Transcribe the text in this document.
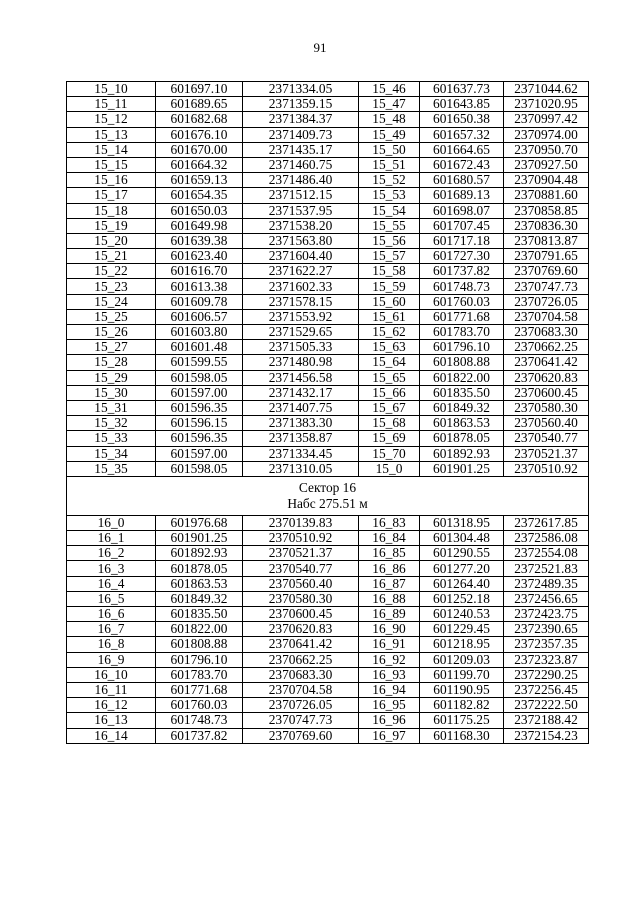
91
15_10	601697.10	2371334.05	15_46	601637.73	2371044.62
15_11	601689.65	2371359.15	15_47	601643.85	2371020.95
15_12	601682.68	2371384.37	15_48	601650.38	2370997.42
15_13	601676.10	2371409.73	15_49	601657.32	2370974.00
15_14	601670.00	2371435.17	15_50	601664.65	2370950.70
15_15	601664.32	2371460.75	15_51	601672.43	2370927.50
15_16	601659.13	2371486.40	15_52	601680.57	2370904.48
15_17	601654.35	2371512.15	15_53	601689.13	2370881.60
15_18	601650.03	2371537.95	15_54	601698.07	2370858.85
15_19	601649.98	2371538.20	15_55	601707.45	2370836.30
15_20	601639.38	2371563.80	15_56	601717.18	2370813.87
15_21	601623.40	2371604.40	15_57	601727.30	2370791.65
15_22	601616.70	2371622.27	15_58	601737.82	2370769.60
15_23	601613.38	2371602.33	15_59	601748.73	2370747.73
15_24	601609.78	2371578.15	15_60	601760.03	2370726.05
15_25	601606.57	2371553.92	15_61	601771.68	2370704.58
15_26	601603.80	2371529.65	15_62	601783.70	2370683.30
15_27	601601.48	2371505.33	15_63	601796.10	2370662.25
15_28	601599.55	2371480.98	15_64	601808.88	2370641.42
15_29	601598.05	2371456.58	15_65	601822.00	2370620.83
15_30	601597.00	2371432.17	15_66	601835.50	2370600.45
15_31	601596.35	2371407.75	15_67	601849.32	2370580.30
15_32	601596.15	2371383.30	15_68	601863.53	2370560.40
15_33	601596.35	2371358.87	15_69	601878.05	2370540.77
15_34	601597.00	2371334.45	15_70	601892.93	2370521.37
15_35	601598.05	2371310.05	15_0	601901.25	2370510.92

Сектор 16
Набс 275.51 м					

16_0	601976.68	2370139.83	16_83	601318.95	2372617.85
16_1	601901.25	2370510.92	16_84	601304.48	2372586.08
16_2	601892.93	2370521.37	16_85	601290.55	2372554.08
16_3	601878.05	2370540.77	16_86	601277.20	2372521.83
16_4	601863.53	2370560.40	16_87	601264.40	2372489.35
16_5	601849.32	2370580.30	16_88	601252.18	2372456.65
16_6	601835.50	2370600.45	16_89	601240.53	2372423.75
16_7	601822.00	2370620.83	16_90	601229.45	2372390.65
16_8	601808.88	2370641.42	16_91	601218.95	2372357.35
16_9	601796.10	2370662.25	16_92	601209.03	2372323.87
16_10	601783.70	2370683.30	16_93	601199.70	2372290.25
16_11	601771.68	2370704.58	16_94	601190.95	2372256.45
16_12	601760.03	2370726.05	16_95	601182.82	2372222.50
16_13	601748.73	2370747.73	16_96	601175.25	2372188.42
16_14	601737.82	2370769.60	16_97	601168.30	2372154.23
